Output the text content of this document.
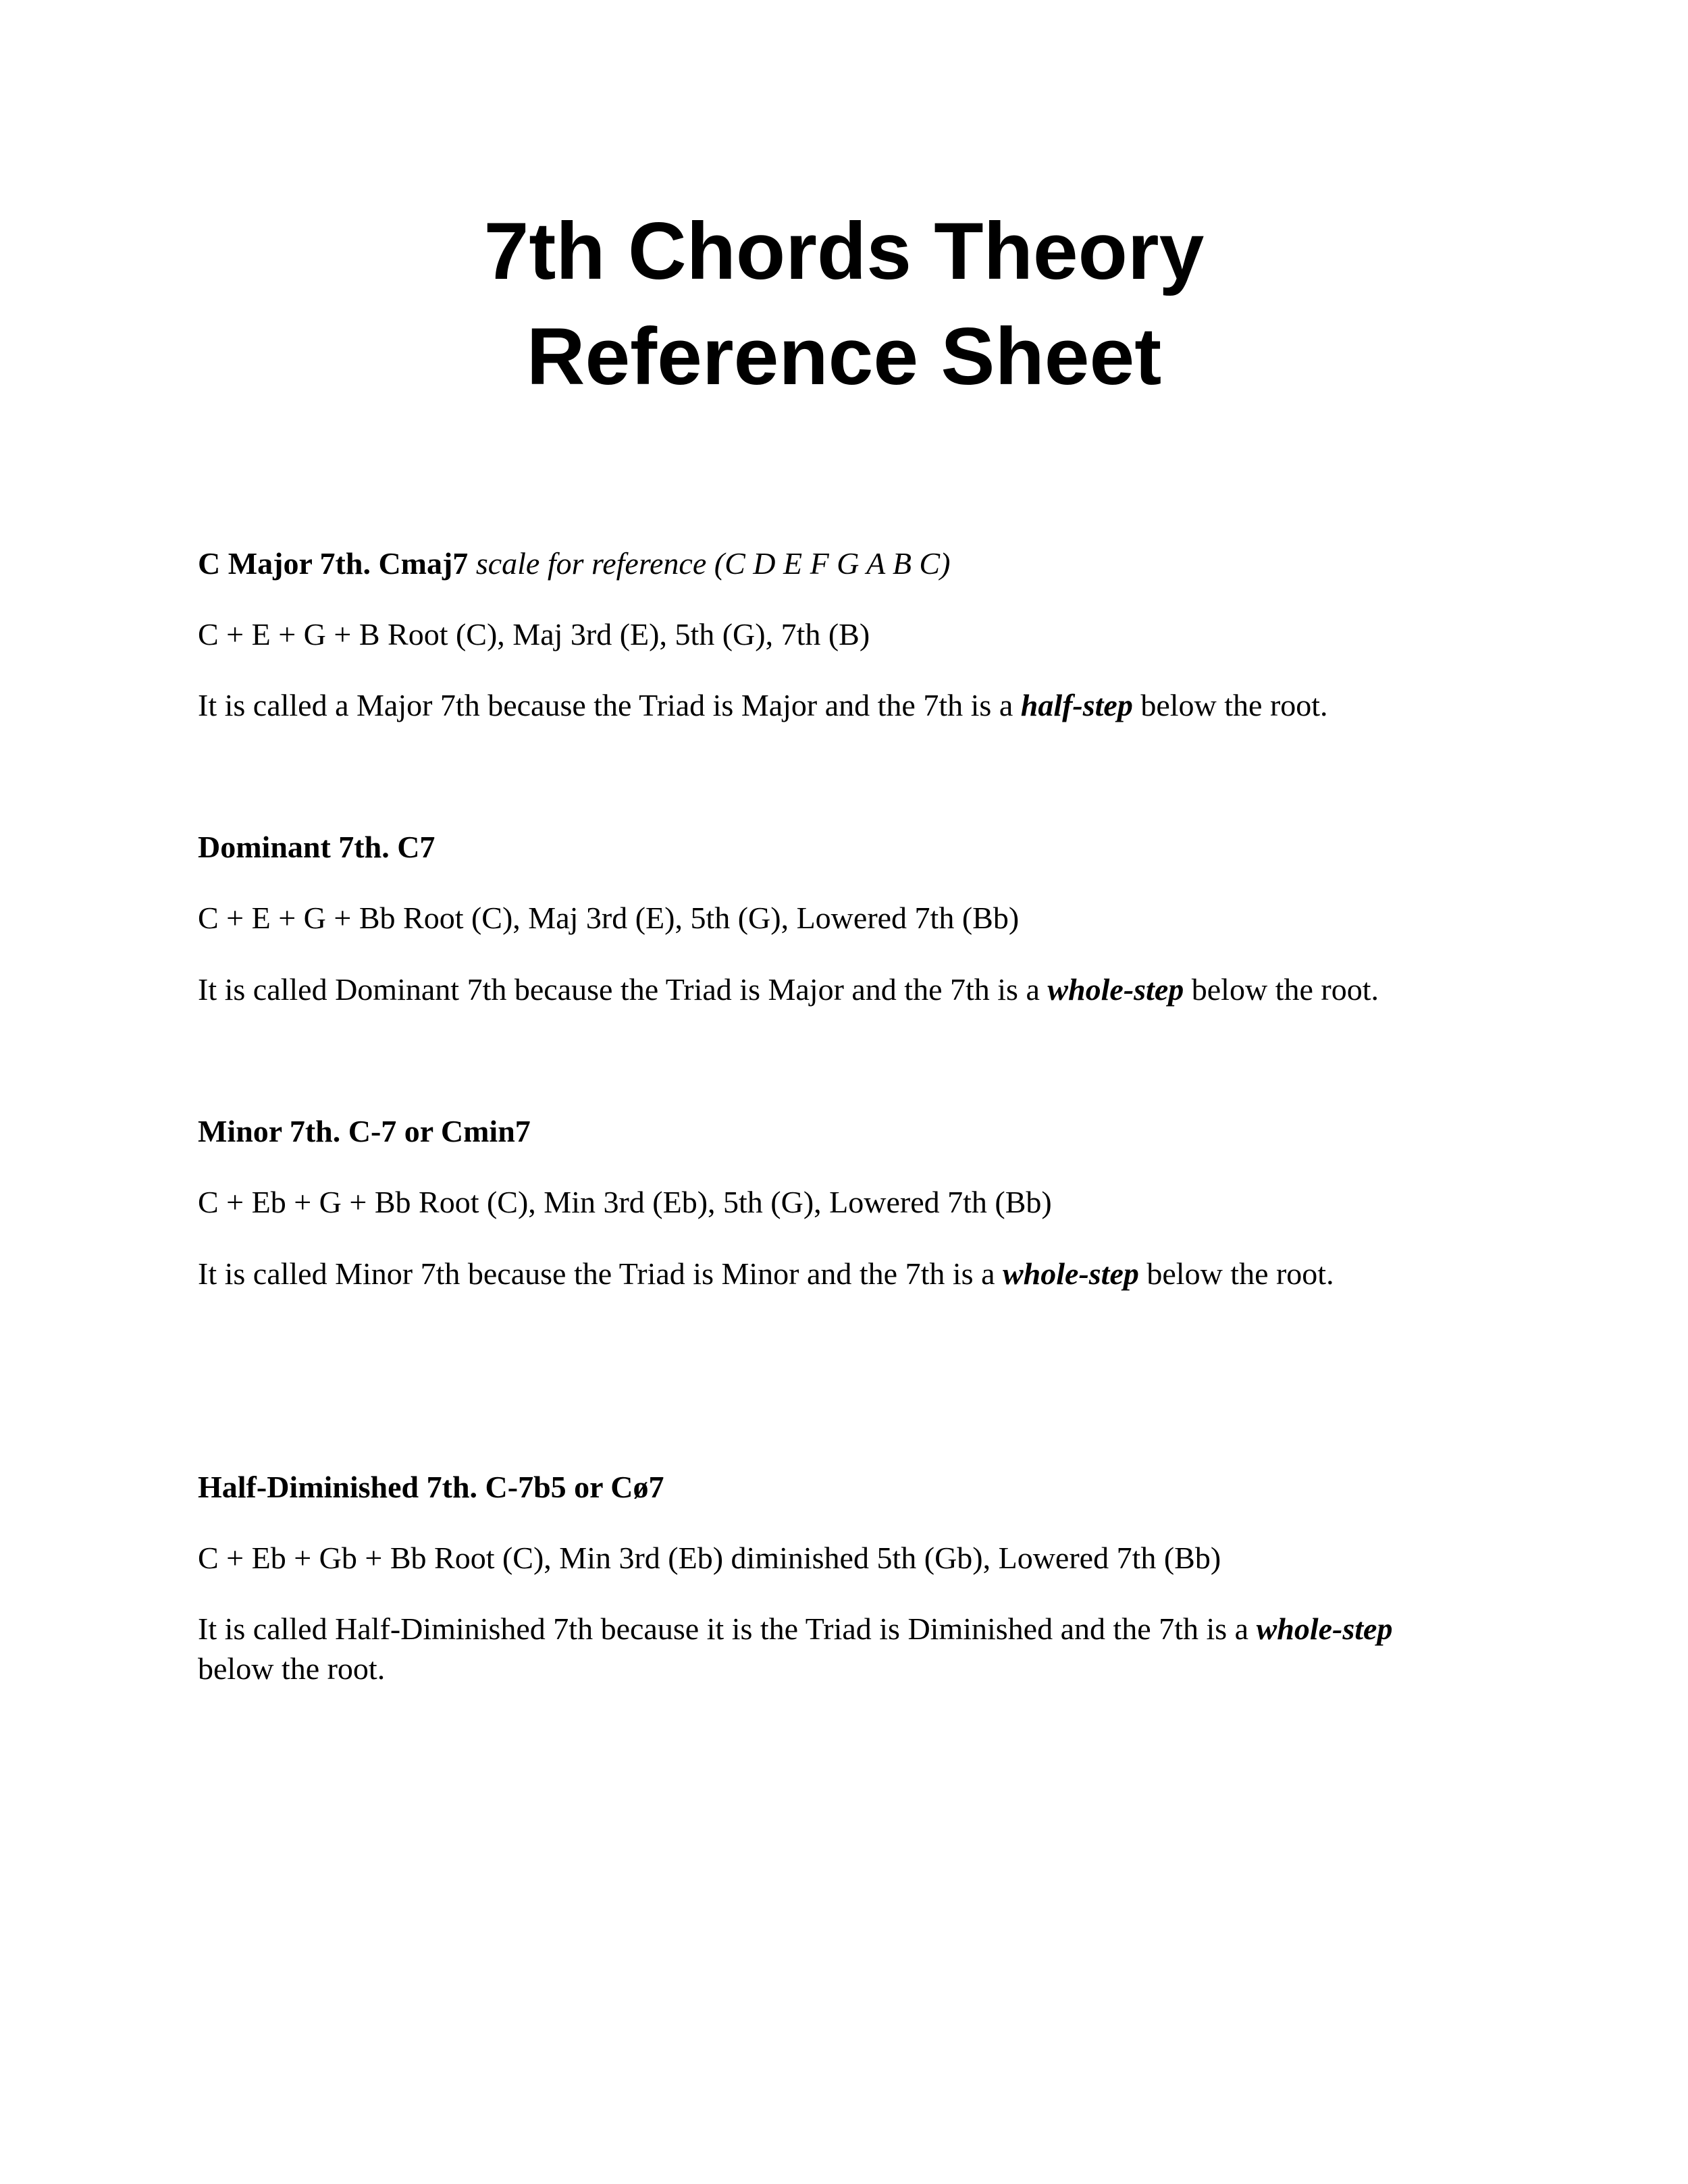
7th Chords Theory
Reference Sheet
C Major 7th. Cmaj7 scale for reference (C D E F G A B C)
C + E + G + B Root (C), Maj 3rd (E), 5th (G), 7th (B)
It is called a Major 7th because the Triad is Major and the 7th is a half-step below the root.
Dominant 7th. C7
C + E + G + Bb Root (C), Maj 3rd (E), 5th (G), Lowered 7th (Bb)
It is called Dominant 7th because the Triad is Major and the 7th is a whole-step below the root.
Minor 7th. C-7 or Cmin7
C + Eb + G + Bb Root (C), Min 3rd (Eb), 5th (G), Lowered 7th (Bb)
It is called Minor 7th because the Triad is Minor and the 7th is a whole-step below the root.
Half-Diminished 7th. C-7b5 or Cø7
C + Eb + Gb + Bb Root (C), Min 3rd (Eb) diminished 5th (Gb), Lowered 7th (Bb)
It is called Half-Diminished 7th because it is the Triad is Diminished and the 7th is a whole-step
below the root.
